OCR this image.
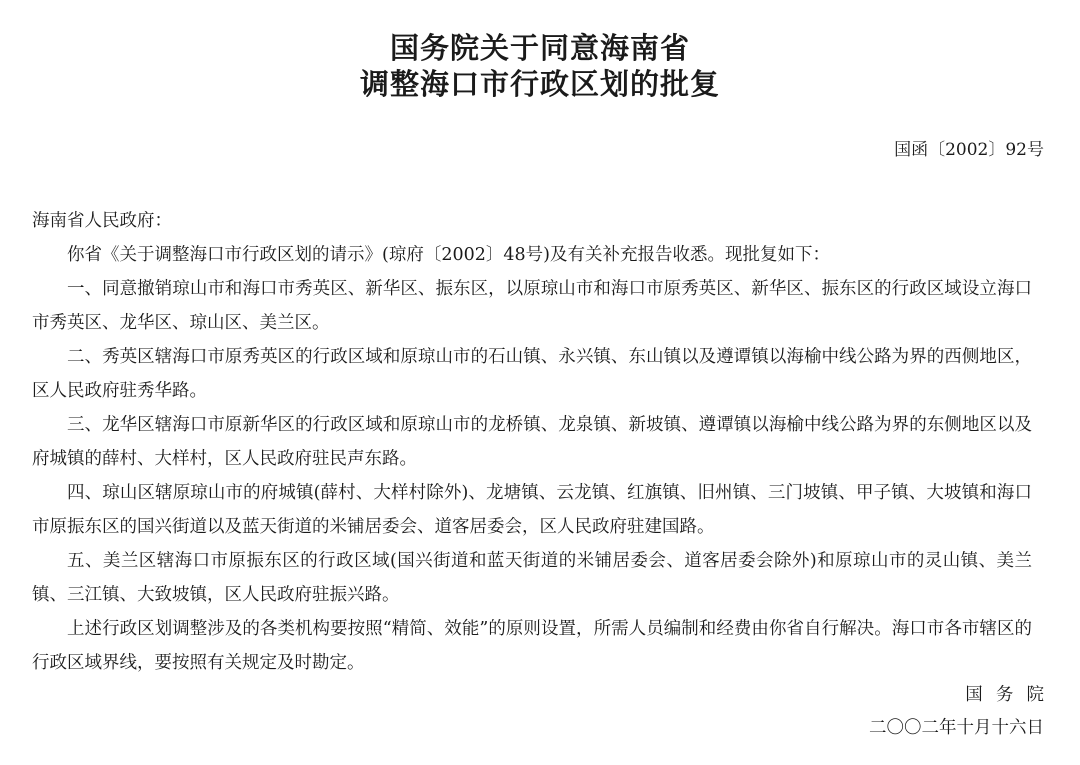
国务院关于同意海南省
调整海口市行政区划的批复
国函〔2002〕92号

海南省人民政府：

你省《关于调整海口市行政区划的请示》(琼府〔2002〕48号)及有关补充报告收悉。现批复如下：

一、同意撤销琼山市和海口市秀英区、新华区、振东区，以原琼山市和海口市原秀英区、新华区、振东区的行政区域设立海口市秀英区、龙华区、琼山区、美兰区。

二、秀英区辖海口市原秀英区的行政区域和原琼山市的石山镇、永兴镇、东山镇以及遵谭镇以海榆中线公路为界的西侧地区，区人民政府驻秀华路。

三、龙华区辖海口市原新华区的行政区域和原琼山市的龙桥镇、龙泉镇、新坡镇、遵谭镇以海榆中线公路为界的东侧地区以及府城镇的薛村、大样村，区人民政府驻民声东路。

四、琼山区辖原琼山市的府城镇(薛村、大样村除外)、龙塘镇、云龙镇、红旗镇、旧州镇、三门坡镇、甲子镇、大坡镇和海口市原振东区的国兴街道以及蓝天街道的米铺居委会、道客居委会，区人民政府驻建国路。

五、美兰区辖海口市原振东区的行政区域(国兴街道和蓝天街道的米铺居委会、道客居委会除外)和原琼山市的灵山镇、美兰镇、三江镇、大致坡镇，区人民政府驻振兴路。

上述行政区划调整涉及的各类机构要按照“精简、效能”的原则设置，所需人员编制和经费由你省自行解决。海口市各市辖区的行政区域界线，要按照有关规定及时勘定。

国务院
二〇〇二年十月十六日
